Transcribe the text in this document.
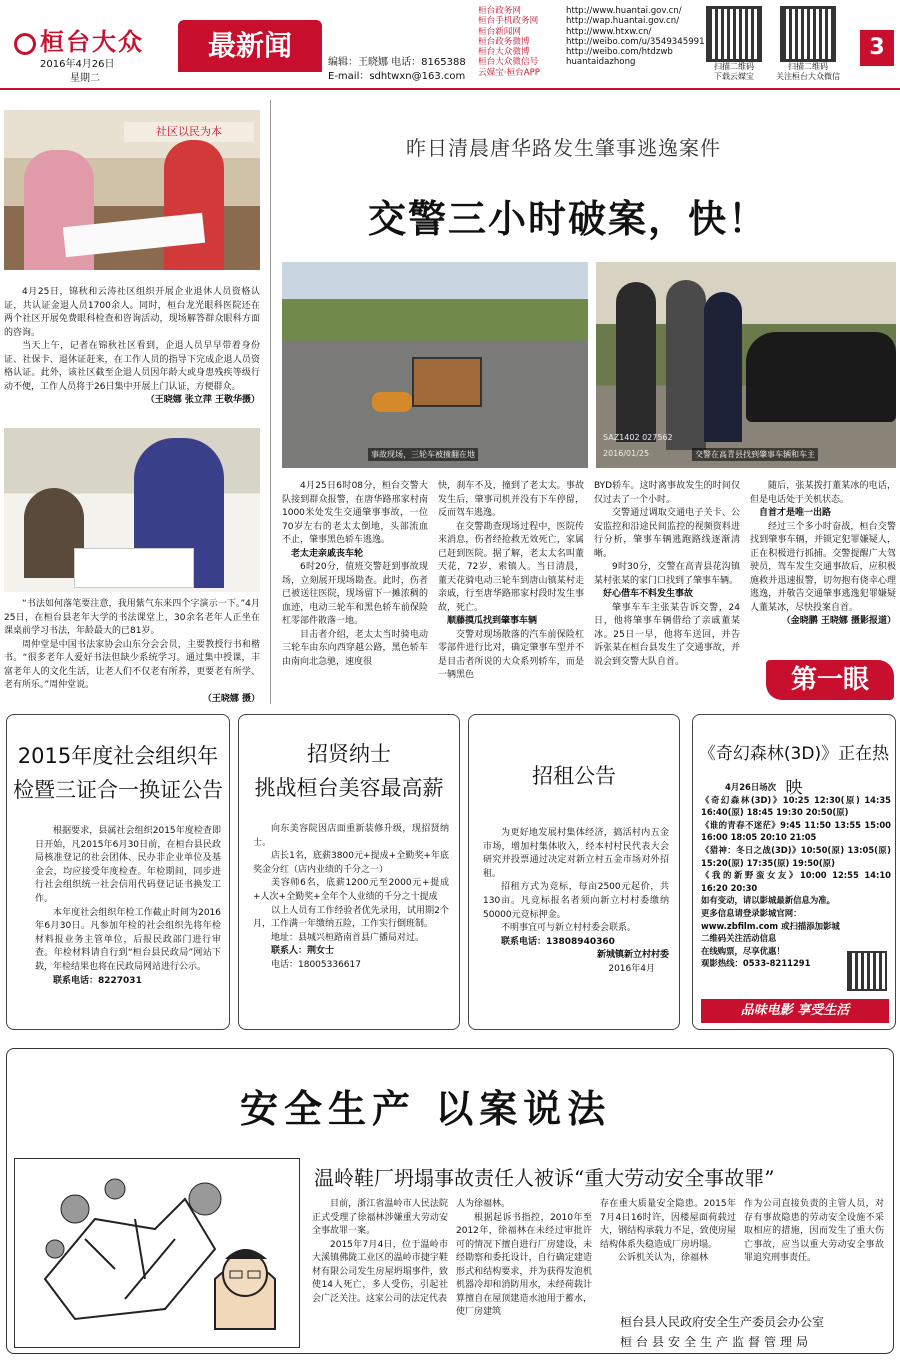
桓台大众
2016年4月26日
星期二
最新闻
编辑：王晓娜 电话：8165388
E-mail：sdhtwxn@163.com
桓台政务网	http://www.huantai.gov.cn/
桓台手机政务网	http://wap.huantai.gov.cn/
桓台新闻网	http://www.htxw.cn/
桓台政务微博	http://weibo.com/u/3549345991
桓台大众微博	http://weibo.com/htdzwb
桓台大众微信号	huantaidazhong
云媒宝·桓台APP
扫描二维码
下载云媒宝
扫描二维码
关注桓台大众微信
3
社区以民为本

4月25日，锦秋和云涛社区组织开展企业退休人员资格认证，共认证金退人员1700余人。同时，桓台龙光眼科医院还在两个社区开展免费眼科检查和咨询活动，现场解答群众眼科方面的咨询。

当天上午，记者在锦秋社区看到，企退人员早早带着身份证、社保卡、退休证赶来，在工作人员的指导下完成企退人员资格认证。此外，该社区截至企退人员因年龄大或身患残疾等级行动不便，工作人员将于26日集中开展上门认证，方便群众。

（王晓娜 张立萍 王敬华摄）

“书法如何落笔要注意，我用紫气东来四个字演示一下。”4月25日，在桓台县老年大学的书法课堂上，30余名老年人正坐在课桌前学习书法，年龄最大的已81岁。

周仲堂是中国书法家协会山东分会会员，主要教授行书和楷书。“很多老年人爱好书法但缺少系统学习。通过集中授课，丰富老年人的文化生活，让老人们不仅老有所养，更要老有所学、老有所乐。”周仲堂说。

（王晓娜 摄）
昨日清晨唐华路发生肇事逃逸案件
交警三小时破案，快！
事故现场，三轮车被撞翻在地
SAZ1402 027562
2016/01/25	交警在高青县找到肇事车辆和车主

4月25日6时08分，桓台交警大队接到群众报警，在唐华路邢家村南1000米处发生交通肇事事故，一位70岁左右的老太太倒地，头部流血不止，肇事黑色轿车逃逸。

老太走亲戚丧车轮

6时20分，值班交警赶到事故现场，立刻展开现场勘查。此时，伤者已被送往医院，现场留下一摊浓稠的血迹，电动三轮车和黑色轿车前保险杠零部件散落一地。

目击者介绍，老太太当时骑电动三轮车由东向西穿越公路，黑色轿车由南向北急驰，速度很

快，刹车不及，撞到了老太太。事故发生后，肇事司机并没有下车停留，反而驾车逃逸。

在交警勘查现场过程中，医院传来消息，伤者经抢救无效死亡，家属已赶到医院。据了解，老太太名叫董天花，72岁，索镇人。当日清晨，董天花骑电动三轮车到唐山镇某村走亲戚，行至唐华路邢家村段时发生事故，死亡。

顺藤摸瓜找到肇事车辆

交警对现场散落的汽车前保险杠零部件进行比对，确定肇事车型并不是目击者所说的大众系列轿车，而是一辆黑色

BYD轿车。这时离事故发生的时间仅仅过去了一个小时。

交警通过调取交通电子关卡、公安监控和沿途民间监控的视频资料进行分析，肇事车辆逃跑路线逐渐清晰。

9时30分，交警在高青县花沟镇某村张某的家门口找到了肇事车辆。

好心借车不料发生事故

肇事车车主张某告诉交警，24日，他将肇事车辆借给了亲戚董某冰。25日一早，他将车送回，并告诉张某在桓台县发生了交通事故，并说会到交警大队自首。

随后，张某拨打董某冰的电话，但是电话处于关机状态。

自首才是唯一出路

经过三个多小时奋战，桓台交警找到肇事车辆，并锁定犯罪嫌疑人，正在积极进行抓捕。交警提醒广大驾驶员，驾车发生交通事故后，应积极施救并迅速报警，切勿抱有侥幸心理逃逸，并敬告交通肇事逃逸犯罪嫌疑人董某冰，尽快投案自首。

（金晓鹏 王晓娜 摄影报道）
第一眼
2015年度社会组织年
检暨三证合一换证公告

根据要求，县属社会组织2015年度检查即日开始，凡2015年6月30日前，在桓台县民政局核准登记的社会团体、民办非企业单位及基金会，均应接受年度检查。年检期间，同步进行社会组织统一社会信用代码登记证书换发工作。

本年度社会组织年检工作截止时间为2016年6月30日。凡参加年检的社会组织先将年检材料报业务主管单位，后报民政部门进行审查。年检材料请自行到“桓台县民政局”网站下载，年检结果也将在民政局网站进行公示。

联系电话：8227031

招贤纳士
挑战桓台美容最高薪

向东美容院因店面重新装修升级，现招贤纳士。

店长1名，底薪3800元+提成+全勤奖+年底奖金分红（店内业绩的千分之一）

美容师6名，底薪1200元至2000元+提成+人次+全勤奖+全年个人业绩的千分之十提成

以上人员有工作经验者优先录用，试用期2个月，工作满一年缴纳五险，工作实行倒班制。

地址：县城兴桓路南首县广播局对过。

联系人：荆女士

电话：18005336617

招租公告

为更好地发展村集体经济，搞活村内五金市场，增加村集体收入，经本村村民代表大会研究并投票通过决定对新立村五金市场对外招租。

招租方式为竞标，每亩2500元起价，共130亩。凡竞标报名者须向新立村村委缴纳50000元竞标押金。

不明事宜可与新立村村委会联系。

联系电话：13808940360

新城镇新立村村委
2016年4月
《奇幻森林(3D)》正在热映
4月26日场次
《奇幻森林(3D)》10:25 12:30(原) 14:35 16:40(原) 18:45 19:30 20:50(原)
《谁的青春不迷茫》9:45 11:50 13:55 15:00 16:00 18:05 20:10 21:05
《猎神：冬日之战(3D)》10:50(原) 13:05(原) 15:20(原) 17:35(原) 19:50(原)
《我的新野蛮女友》10:00 12:55 14:10 16:20 20:30
如有变动，请以影城最新信息为准。
更多信息请登录影城官网：
www.zbfilm.com 或扫描添加影城
二维码关注活动信息
在线购票，尽享优惠！
观影热线：0533-8211291
品味电影 享受生活
安全生产 以案说法
温岭鞋厂坍塌事故责任人被诉“重大劳动安全事故罪”

目前，浙江省温岭市人民法院正式受理了徐福林涉嫌重大劳动安全事故罪一案。

2015年7月4日，位于温岭市大溪镇佛陇工业区的温岭市捷宇鞋材有限公司发生房屋坍塌事件，致使14人死亡，多人受伤，引起社会广泛关注。这家公司的法定代表

人为徐福林。

根据起诉书指控，2010年至2012年，徐福林在未经过审批许可的情况下擅自进行厂房建设，未经勘察和委托设计，自行确定建造形式和结构要求，并为获得发泡机机器冷却和消防用水，未经荷载计算擅自在屋顶建造水池用于蓄水，使厂房建筑

存在重大质量安全隐患。2015年7月4日16时许，因楼屋面荷载过大，钢结构承载力不足，致使房屋结构体系失稳造成厂房坍塌。

公诉机关认为，徐福林

作为公司直接负责的主管人员，对存有事故隐患的劳动安全设施不采取相应的措施，因而发生了重大伤亡事故，应当以重大劳动安全事故罪追究刑事责任。
桓台县人民政府安全生产委员会办公室
桓台县安全生产监督管理局
